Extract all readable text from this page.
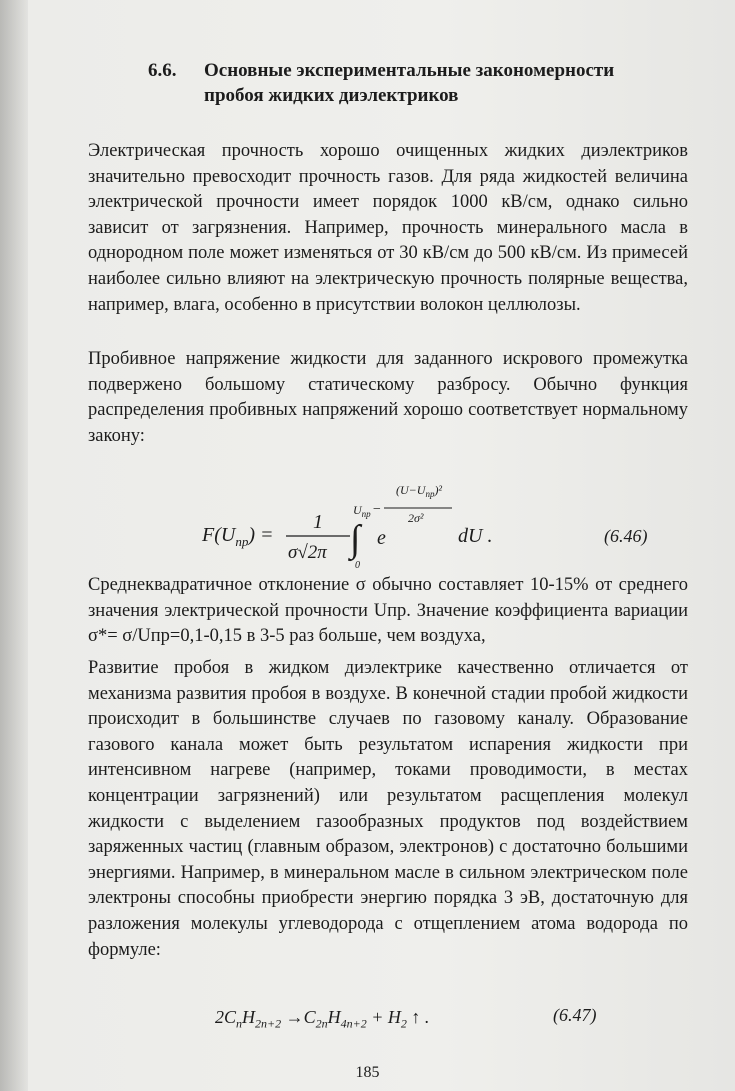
6.6. Основные экспериментальные закономерности
пробоя жидких диэлектриков

Электрическая прочность хорошо очищенных жидких диэлектриков значительно превосходит прочность газов. Для ряда жидкостей величина электрической прочности имеет порядок 1000 кВ/см, однако сильно зависит от загрязнения. Например, прочность минерального масла в однородном поле может изменяться от 30 кВ/см до 500 кВ/см. Из примесей наиболее сильно влияют на электрическую прочность полярные вещества, например, влага, особенно в присутствии волокон целлюлозы.

Пробивное напряжение жидкости для заданного искрового промежутка подвержено большому статическому разбросу. Обычно функция распределения пробивных напряжений хорошо соответствует нормальному закону:

$F(U_{пр})$ =
1
σ√2π
$U_{пр}$
∫
0
e
−
$(U-U_{пр})^2$
2σ²
dU .	(6.46)

Среднеквадратичное отклонение σ обычно составляет 10-15% от среднего значения электрической прочности Uпр. Значение коэффициента вариации σ*= σ/Uпр=0,1-0,15 в 3-5 раз больше, чем воздуха,

Развитие пробоя в жидком диэлектрике качественно отличается от механизма развития пробоя в воздухе. В конечной стадии пробой жидкости происходит в большинстве случаев по газовому каналу. Образование газового канала может быть результатом испарения жидкости при интенсивном нагреве (например, токами проводимости, в местах концентрации загрязнений) или результатом расщепления молекул жидкости с выделением газообразных продуктов под воздействием заряженных частиц (главным образом, электронов) с достаточно большими энергиями. Например, в минеральном масле в сильном электрическом поле электроны способны приобрести энергию порядка 3 эВ, достаточную для разложения молекулы углеводорода с отщеплением атома водорода по формуле:

$2C_nH_{2n+2} \to C_{2n}H_{4n+2} + H_2$ ↑ .	(6.47)
185
